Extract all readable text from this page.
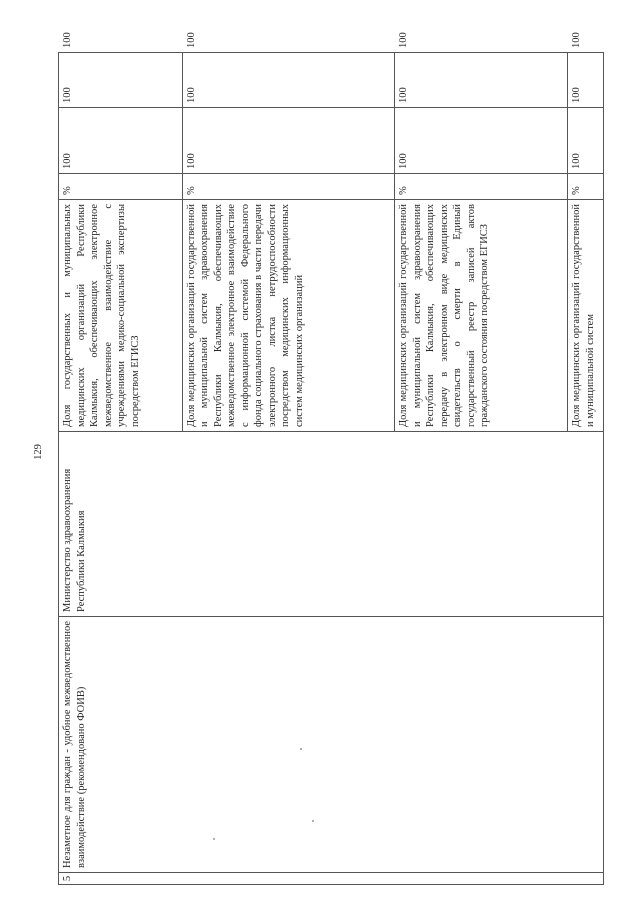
129
5	Незаметное для граждан - удобное межведомственное взаимодействие (рекомендовано ФОИВ)	Министерство здравоохранения Республики Калмыкия	Доля государственных и муниципальных медицинских организаций Республики Калмыкия, обеспечивающих электронное межведомственное взаимодействие с учреждениями медико-социальной экспертизы посредством ЕГИСЗ	%	100	100	100
			Доля медицинских организаций государственной и муниципальной систем здравоохранения Республики Калмыкия, обеспечивающих межведомственное электронное взаимодействие с информационной системой Федерального фонда социального страхования в части передачи электронного листка нетрудоспособности посредством медицинских информационных систем медицинских организаций	%	100	100	100
			Доля медицинских организаций государственной и муниципальной систем здравоохранения Республики Калмыкия, обеспечивающих передачу в электронном виде медицинских свидетельств о смерти в Единый государственный реестр записей актов гражданского состояния посредством ЕГИСЗ	%	100	100	100
			Доля медицинских организаций государственной и муниципальной систем	%	100	100	100
